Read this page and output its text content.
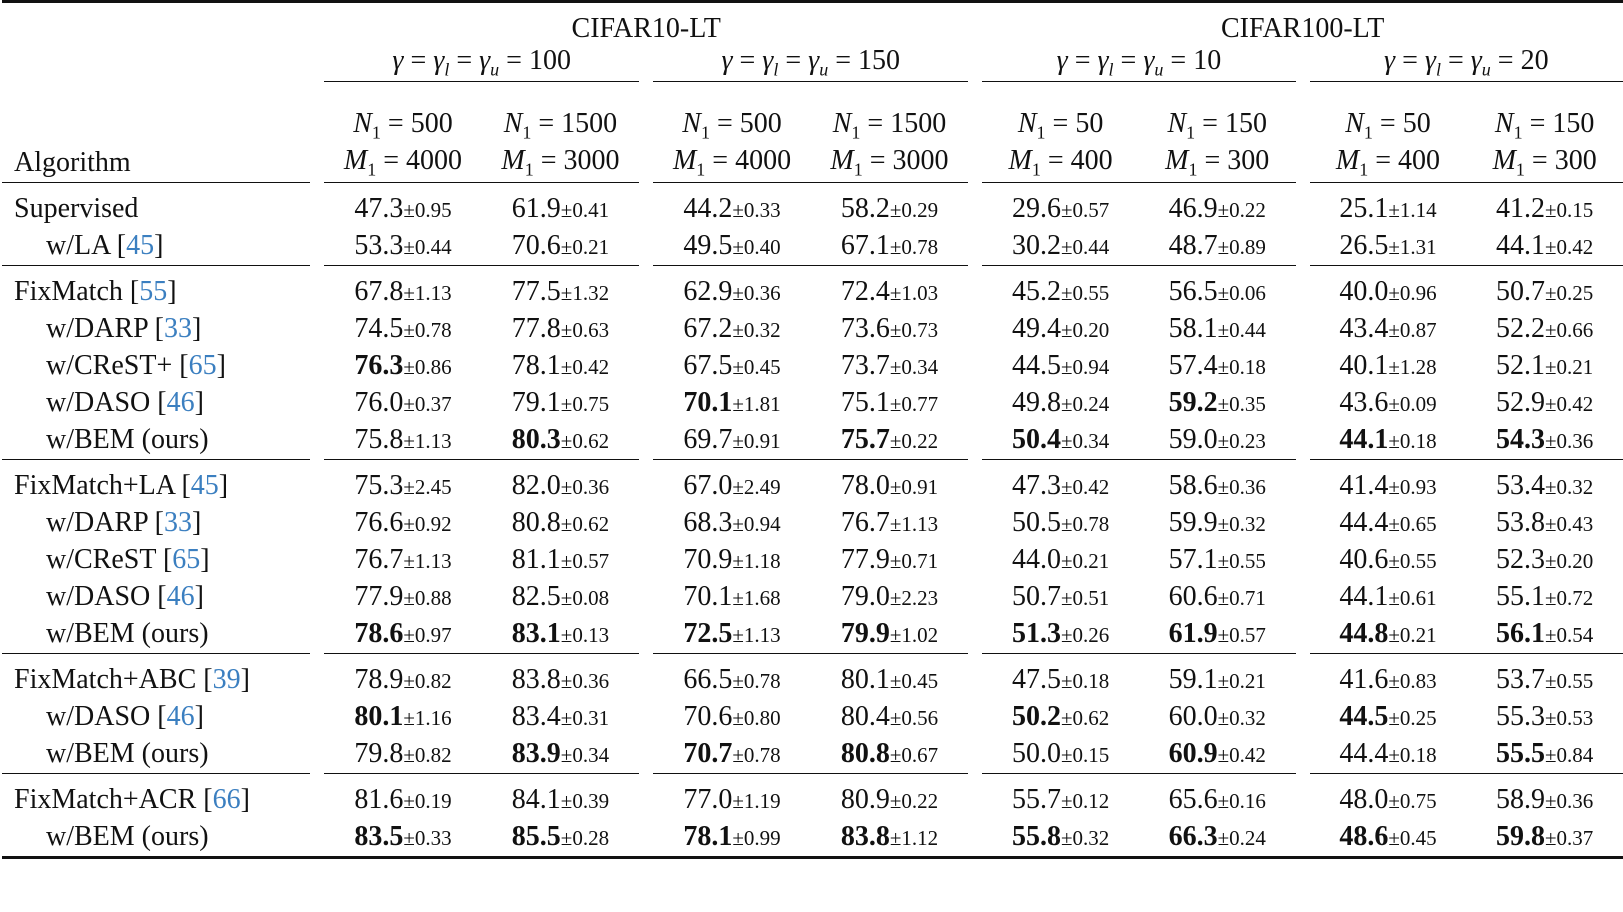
		CIFAR10-LT						CIFAR100-LT				
		$\gamma = \gamma_l = \gamma_u = 100$			$\gamma = \gamma_l = \gamma_u = 150$			$\gamma = \gamma_l = \gamma_u = 10$			$\gamma = \gamma_l = \gamma_u = 20$	

		$N_1 = 500$	$N_1 = 1500$		$N_1 = 500$	$N_1 = 1500$		$N_1 = 50$	$N_1 = 150$		$N_1 = 50$	$N_1 = 150$
Algorithm		$M_1 = 4000$	$M_1 = 3000$		$M_1 = 4000$	$M_1 = 3000$		$M_1 = 400$	$M_1 = 300$		$M_1 = 400$	$M_1 = 300$

Supervised		47.3±0.95	61.9±0.41		44.2±0.33	58.2±0.29		29.6±0.57	46.9±0.22		25.1±1.14	41.2±0.15
w/LA [45]		53.3±0.44	70.6±0.21		49.5±0.40	67.1±0.78		30.2±0.44	48.7±0.89		26.5±1.31	44.1±0.42

FixMatch [55]		67.8±1.13	77.5±1.32		62.9±0.36	72.4±1.03		45.2±0.55	56.5±0.06		40.0±0.96	50.7±0.25
w/DARP [33]		74.5±0.78	77.8±0.63		67.2±0.32	73.6±0.73		49.4±0.20	58.1±0.44		43.4±0.87	52.2±0.66
w/CReST+ [65]		76.3±0.86	78.1±0.42		67.5±0.45	73.7±0.34		44.5±0.94	57.4±0.18		40.1±1.28	52.1±0.21
w/DASO [46]		76.0±0.37	79.1±0.75		70.1±1.81	75.1±0.77		49.8±0.24	59.2±0.35		43.6±0.09	52.9±0.42
w/BEM (ours)		75.8±1.13	80.3±0.62		69.7±0.91	75.7±0.22		50.4±0.34	59.0±0.23		44.1±0.18	54.3±0.36

FixMatch+LA [45]		75.3±2.45	82.0±0.36		67.0±2.49	78.0±0.91		47.3±0.42	58.6±0.36		41.4±0.93	53.4±0.32
w/DARP [33]		76.6±0.92	80.8±0.62		68.3±0.94	76.7±1.13		50.5±0.78	59.9±0.32		44.4±0.65	53.8±0.43
w/CReST [65]		76.7±1.13	81.1±0.57		70.9±1.18	77.9±0.71		44.0±0.21	57.1±0.55		40.6±0.55	52.3±0.20
w/DASO [46]		77.9±0.88	82.5±0.08		70.1±1.68	79.0±2.23		50.7±0.51	60.6±0.71		44.1±0.61	55.1±0.72
w/BEM (ours)		78.6±0.97	83.1±0.13		72.5±1.13	79.9±1.02		51.3±0.26	61.9±0.57		44.8±0.21	56.1±0.54

FixMatch+ABC [39]		78.9±0.82	83.8±0.36		66.5±0.78	80.1±0.45		47.5±0.18	59.1±0.21		41.6±0.83	53.7±0.55
w/DASO [46]		80.1±1.16	83.4±0.31		70.6±0.80	80.4±0.56		50.2±0.62	60.0±0.32		44.5±0.25	55.3±0.53
w/BEM (ours)		79.8±0.82	83.9±0.34		70.7±0.78	80.8±0.67		50.0±0.15	60.9±0.42		44.4±0.18	55.5±0.84

FixMatch+ACR [66]		81.6±0.19	84.1±0.39		77.0±1.19	80.9±0.22		55.7±0.12	65.6±0.16		48.0±0.75	58.9±0.36
w/BEM (ours)		83.5±0.33	85.5±0.28		78.1±0.99	83.8±1.12		55.8±0.32	66.3±0.24		48.6±0.45	59.8±0.37
